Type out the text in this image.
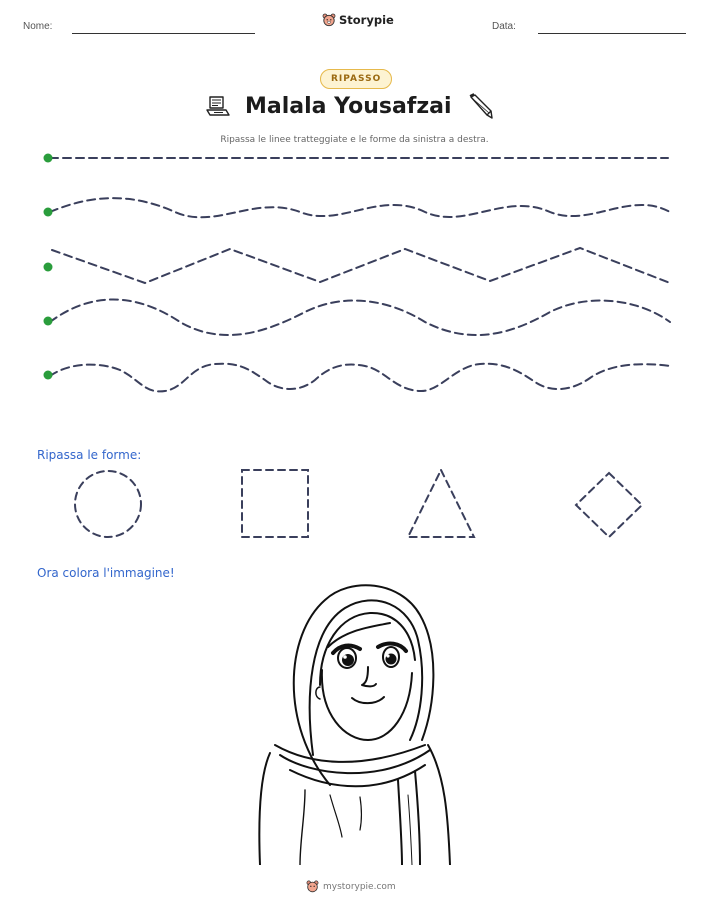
Nome:	Storypie	Data:
RIPASSO
Malala Yousafzai
Ripassa le linee tratteggiate e le forme da sinistra a destra.
Ripassa le forme:
Ora colora l'immagine!
mystorypie.com
